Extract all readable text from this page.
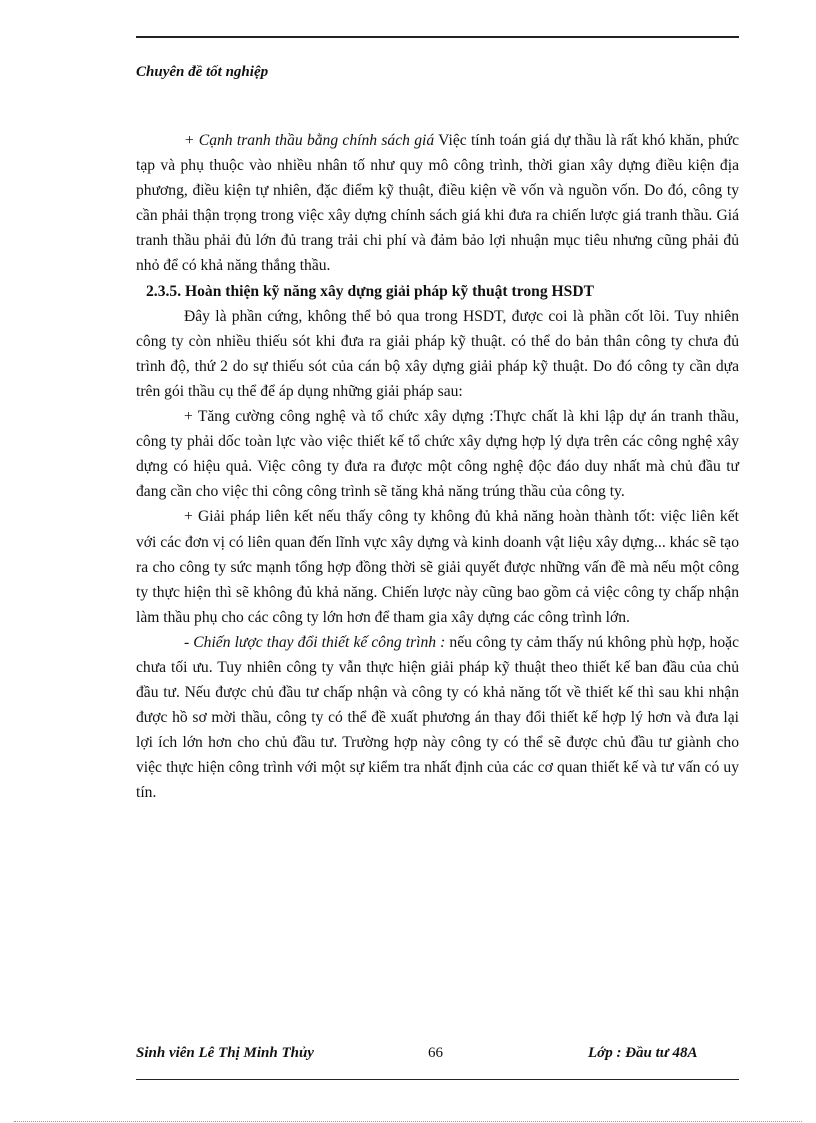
Chuyên đề tốt nghiệp

+ Cạnh tranh thầu bằng chính sách giá Việc tính toán giá dự thầu là rất khó khăn, phức tạp và phụ thuộc vào nhiều nhân tố như quy mô công trình, thời gian xây dựng điều kiện địa phương, điều kiện tự nhiên, đặc điểm kỹ thuật, điều kiện về vốn và nguồn vốn. Do đó, công ty cần phải thận trọng trong việc xây dựng chính sách giá khi đưa ra chiến lược giá tranh thầu. Giá tranh thầu phải đủ lớn đủ trang trải chi phí và đảm bảo lợi nhuận mục tiêu nhưng cũng phải đủ nhỏ để có khả năng thắng thầu.

2.3.5. Hoàn thiện kỹ năng xây dựng giải pháp kỹ thuật trong HSDT

Đây là phần cứng, không thể bỏ qua trong HSDT, được coi là phần cốt lõi. Tuy nhiên công ty còn nhiều thiếu sót khi đưa ra giải pháp kỹ thuật. có thể do bản thân công ty chưa đủ trình độ, thứ 2 do sự thiếu sót của cán bộ xây dựng giải pháp kỹ thuật. Do đó công ty cần dựa trên gói thầu cụ thể để áp dụng những giải pháp sau:

+ Tăng cường công nghệ và tổ chức xây dựng :Thực chất là khi lập dự án tranh thầu, công ty phải dốc toàn lực vào việc thiết kế tổ chức xây dựng hợp lý dựa trên các công nghệ xây dựng có hiệu quả. Việc công ty đưa ra được một công nghệ độc đáo duy nhất mà chủ đầu tư đang cần cho việc thi công công trình sẽ tăng khả năng trúng thầu của công ty.

+ Giải pháp liên kết nếu thấy công ty không đủ khả năng hoàn thành tốt: việc liên kết với các đơn vị có liên quan đến lĩnh vực xây dựng và kinh doanh vật liệu xây dựng... khác sẽ tạo ra cho công ty sức mạnh tổng hợp đồng thời sẽ giải quyết được những vấn đề mà nếu một công ty thực hiện thì sẽ không đủ khả năng. Chiến lược này cũng bao gồm cả việc công ty chấp nhận làm thầu phụ cho các công ty lớn hơn để tham gia xây dựng các công trình lớn.

- Chiến lược thay đổi thiết kế công trình : nếu công ty cảm thấy nú không phù hợp, hoặc chưa tối ưu. Tuy nhiên công ty vẫn thực hiện giải pháp kỹ thuật theo thiết kế ban đầu của chủ đầu tư. Nếu được chủ đầu tư chấp nhận và công ty có khả năng tốt về thiết kế thì sau khi nhận được hồ sơ mời thầu, công ty có thể đề xuất phương án thay đổi thiết kế hợp lý hơn và đưa lại lợi ích lớn hơn cho chủ đầu tư. Trường hợp này công ty có thể sẽ được chủ đầu tư giành cho việc thực hiện công trình với một sự kiểm tra nhất định của các cơ quan thiết kế và tư vấn có uy tín.

Sinh viên Lê Thị Minh Thủy	66	Lớp : Đầu tư 48A
